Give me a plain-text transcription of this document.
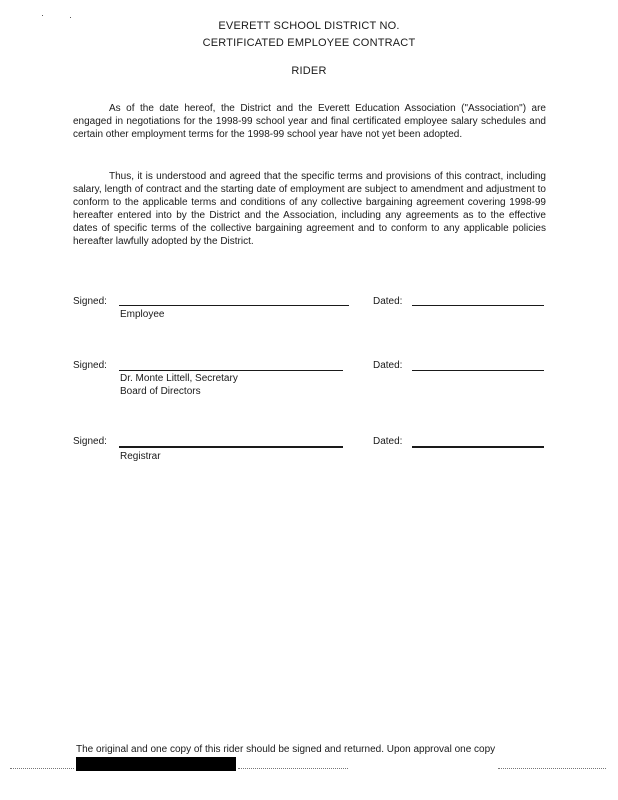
EVERETT SCHOOL DISTRICT NO.
CERTIFICATED EMPLOYEE CONTRACT
RIDER
As of the date hereof, the District and the Everett Education Association ("Association") are engaged in negotiations for the 1998-99 school year and final certificated employee salary schedules and certain other employment terms for the 1998-99 school year have not yet been adopted.
Thus, it is understood and agreed that the specific terms and provisions of this contract, including salary, length of contract and the starting date of employment are subject to amendment and adjustment to conform to the applicable terms and conditions of any collective bargaining agreement covering 1998-99 hereafter entered into by the District and the Association, including any agreements as to the effective dates of specific terms of the collective bargaining agreement and to conform to any applicable policies hereafter lawfully adopted by the District.
Signed:	Dated:
Employee
Signed:	Dated:
Dr. Monte Littell, Secretary
Board of Directors
Signed:	Dated:
Registrar
The original and one copy of this rider should be signed and returned. Upon approval one copy
